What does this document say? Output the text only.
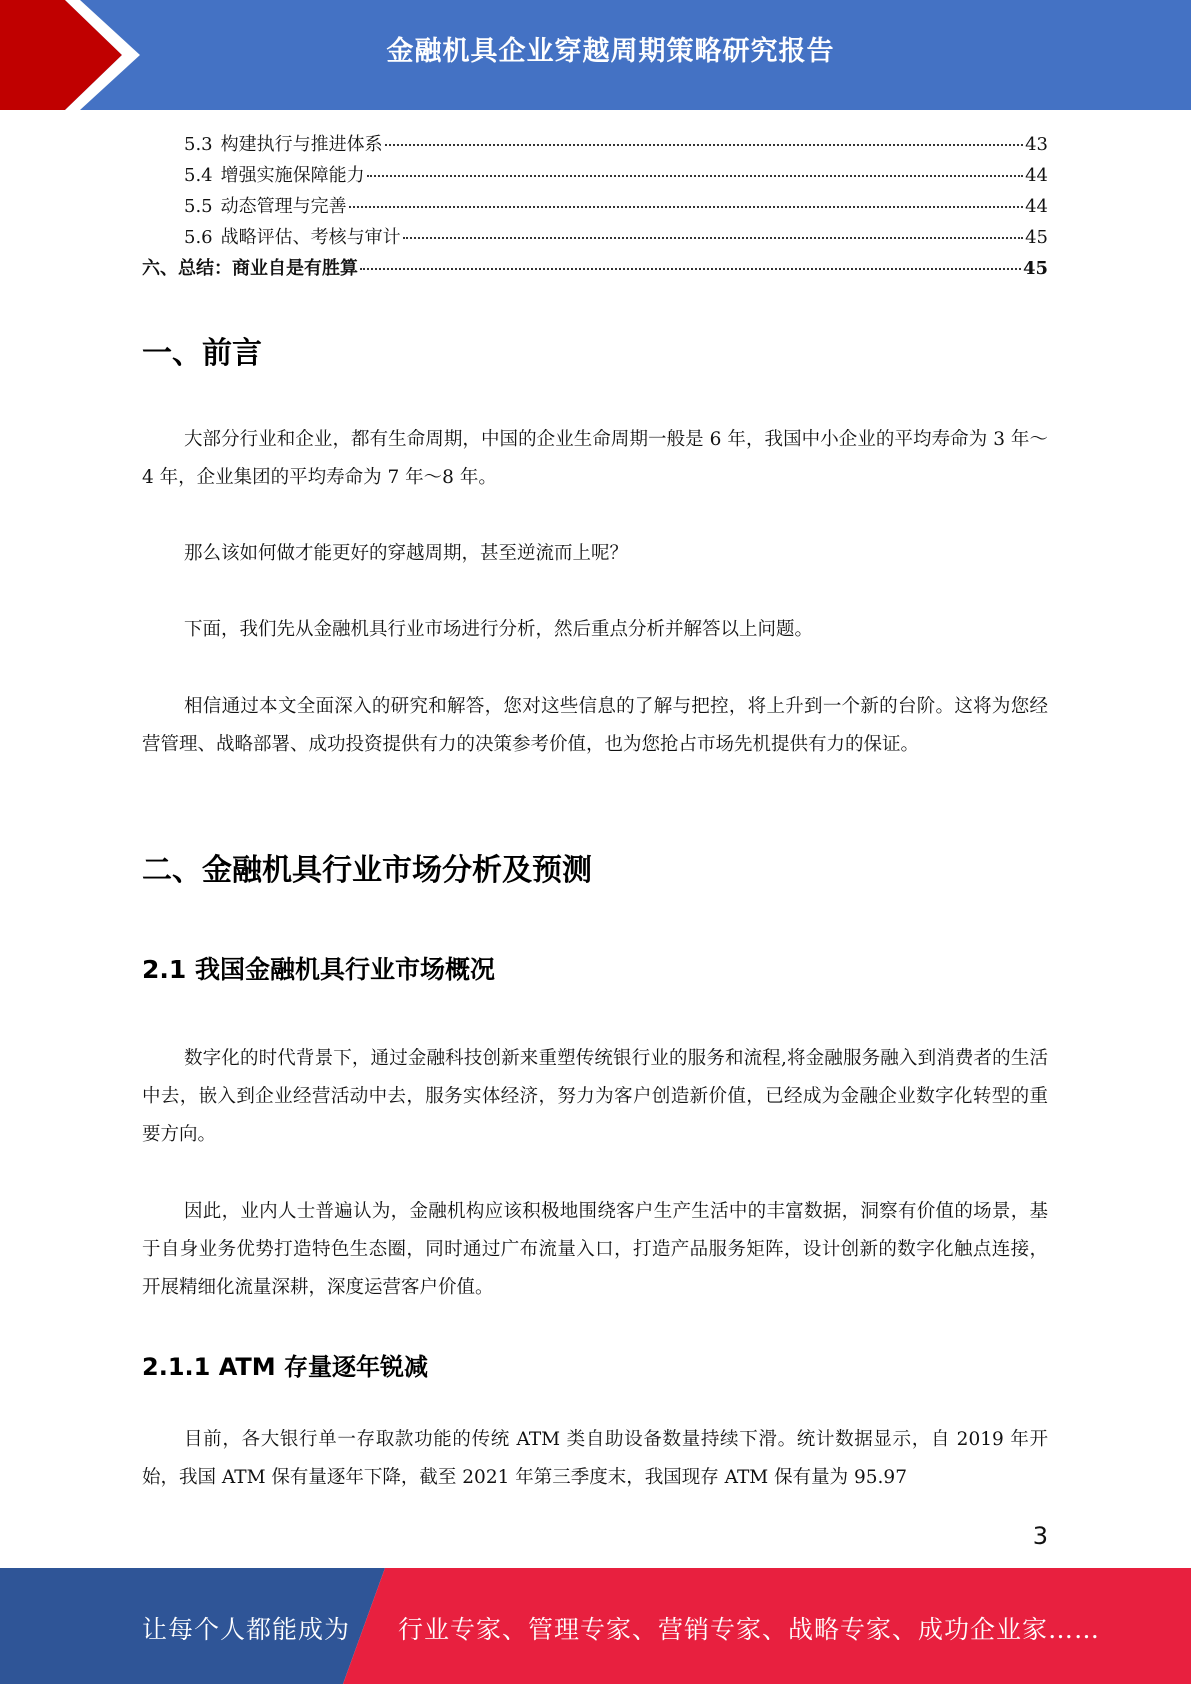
金融机具企业穿越周期策略研究报告
5.3 构建执行与推进体系	43
5.4 增强实施保障能力	44
5.5 动态管理与完善	44
5.6 战略评估、考核与审计	45
六、总结：商业自是有胜算	45
一、前言

大部分行业和企业，都有生命周期，中国的企业生命周期一般是 6 年，我国中小企业的平均寿命为 3 年～4 年，企业集团的平均寿命为 7 年～8 年。

那么该如何做才能更好的穿越周期，甚至逆流而上呢？

下面，我们先从金融机具行业市场进行分析，然后重点分析并解答以上问题。

相信通过本文全面深入的研究和解答，您对这些信息的了解与把控，将上升到一个新的台阶。这将为您经营管理、战略部署、成功投资提供有力的决策参考价值，也为您抢占市场先机提供有力的保证。

二、金融机具行业市场分析及预测
2.1 我国金融机具行业市场概况

数字化的时代背景下，通过金融科技创新来重塑传统银行业的服务和流程,将金融服务融入到消费者的生活中去，嵌入到企业经营活动中去，服务实体经济，努力为客户创造新价值，已经成为金融企业数字化转型的重要方向。

因此，业内人士普遍认为，金融机构应该积极地围绕客户生产生活中的丰富数据，洞察有价值的场景，基于自身业务优势打造特色生态圈，同时通过广布流量入口，打造产品服务矩阵，设计创新的数字化触点连接，开展精细化流量深耕，深度运营客户价值。

2.1.1 ATM 存量逐年锐减

目前，各大银行单一存取款功能的传统 ATM 类自助设备数量持续下滑。统计数据显示，自 2019 年开始，我国 ATM 保有量逐年下降，截至 2021 年第三季度末，我国现存 ATM 保有量为 95.97

3
让每个人都能成为 行业专家、管理专家、营销专家、战略专家、成功企业家……
